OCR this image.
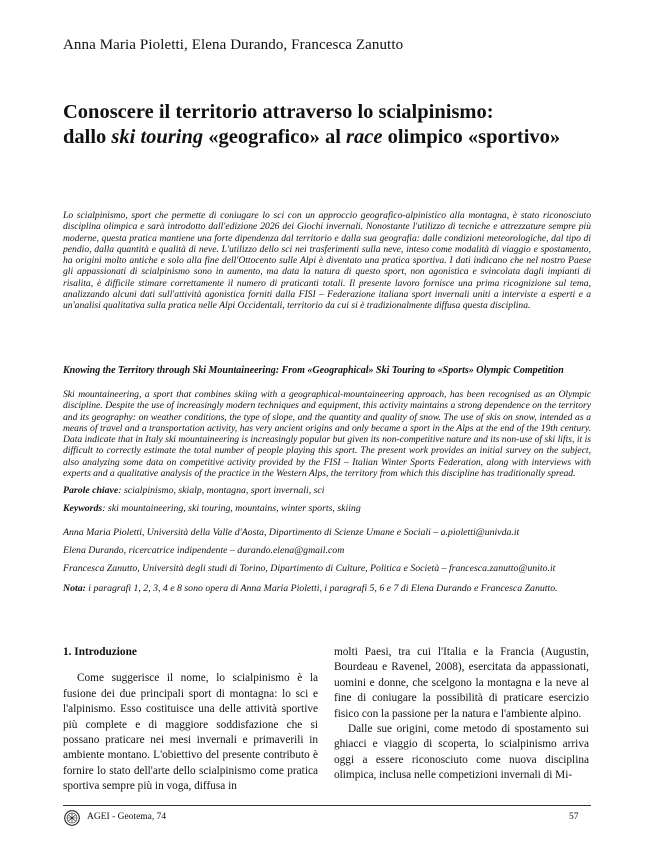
Anna Maria Pioletti, Elena Durando, Francesca Zanutto
Conoscere il territorio attraverso lo scialpinismo:
dallo ski touring «geografico» al race olimpico «sportivo»

Lo scialpinismo, sport che permette di coniugare lo sci con un approccio geografico-alpinistico alla montagna, è stato riconosciuto disciplina olimpica e sarà introdotto dall'edizione 2026 dei Giochi invernali. Nonostante l'utilizzo di tecniche e attrezzature sempre più moderne, questa pratica mantiene una forte dipendenza dal territorio e dalla sua geografia: dalle condizioni meteorologiche, dal tipo di pendio, dalla quantità e qualità di neve. L'utilizzo dello sci nei trasferimenti sulla neve, inteso come modalità di viaggio e spostamento, ha origini molto antiche e solo alla fine dell'Ottocento sulle Alpi è diventato una pratica sportiva. I dati indicano che nel nostro Paese gli appassionati di scialpinismo sono in aumento, ma data la natura di questo sport, non agonistica e svincolata dagli impianti di risalita, è difficile stimare correttamente il numero di praticanti totali. Il presente lavoro fornisce una prima ricognizione sul tema, analizzando alcuni dati sull'attività agonistica forniti dalla FISI – Federazione italiana sport invernali uniti a interviste a esperti e a un'analisi qualitativa sulla pratica nelle Alpi Occidentali, territorio da cui si è tradizionalmente diffusa questa disciplina.

Knowing the Territory through Ski Mountaineering: From «Geographical» Ski Touring to «Sports» Olympic Competition

Ski mountaineering, a sport that combines skiing with a geographical-mountaineering approach, has been recognised as an Olympic discipline. Despite the use of increasingly modern techniques and equipment, this activity maintains a strong dependence on the territory and its geography: on weather conditions, the type of slope, and the quantity and quality of snow. The use of skis on snow, intended as a means of travel and a transportation activity, has very ancient origins and only became a sport in the Alps at the end of the 19th century. Data indicate that in Italy ski mountaineering is increasingly popular but given its non-competitive nature and its non-use of ski lifts, it is difficult to correctly estimate the total number of people playing this sport. The present work provides an initial survey on the subject, also analyzing some data on competitive activity provided by the FISI – Italian Winter Sports Federation, along with interviews with experts and a qualitative analysis of the practice in the Western Alps, the territory from which this discipline has traditionally spread.

Parole chiave: scialpinismo, skialp, montagna, sport invernali, sci

Keywords: ski mountaineering, ski touring, mountains, winter sports, skiing

Anna Maria Pioletti, Università della Valle d'Aosta, Dipartimento di Scienze Umane e Sociali – a.pioletti@univda.it

Elena Durando, ricercatrice indipendente – durando.elena@gmail.com

Francesca Zanutto, Università degli studi di Torino, Dipartimento di Culture, Politica e Società – francesca.zanutto@unito.it

Nota: i paragrafi 1, 2, 3, 4 e 8 sono opera di Anna Maria Pioletti, i paragrafi 5, 6 e 7 di Elena Durando e Francesca Zanutto.

1. Introduzione

Come suggerisce il nome, lo scialpinismo è la fusione dei due principali sport di montagna: lo sci e l'alpinismo. Esso costituisce una delle attività sportive più complete e di maggiore soddisfazione che si possano praticare nei mesi invernali e primaverili in ambiente montano. L'obiettivo del presente contributo è fornire lo stato dell'arte dello scialpinismo come pratica sportiva sempre più in voga, diffusa in

molti Paesi, tra cui l'Italia e la Francia (Augustin, Bourdeau e Ravenel, 2008), esercitata da appassionati, uomini e donne, che scelgono la montagna e la neve al fine di coniugare la possibilità di praticare esercizio fisico con la passione per la natura e l'ambiente alpino.

Dalle sue origini, come metodo di spostamento sui ghiacci e viaggio di scoperta, lo scialpinismo arriva oggi a essere riconosciuto come nuova disciplina olimpica, inclusa nelle competizioni invernali di Mi-

AGEI - Geotema, 74	57
